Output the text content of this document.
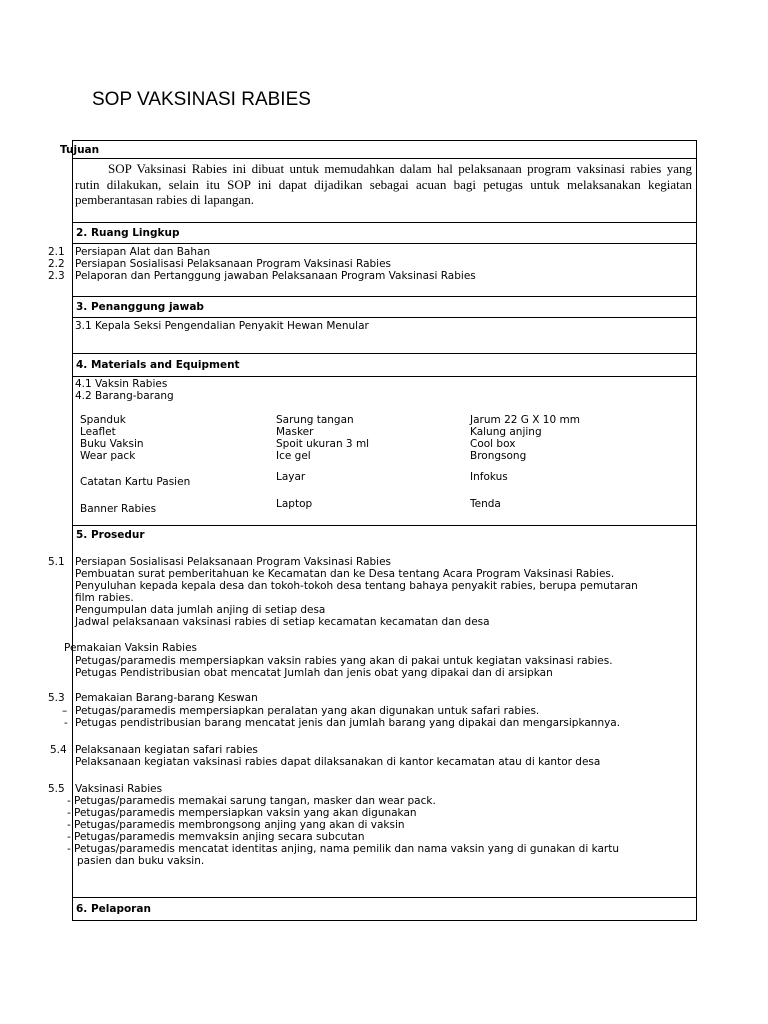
SOP VAKSINASI RABIES
Tujuan
SOP Vaksinasi Rabies ini dibuat untuk memudahkan dalam hal pelaksanaan program vaksinasi rabies yang rutin dilakukan, selain itu SOP ini dapat dijadikan sebagai acuan bagi petugas untuk melaksanakan kegiatan pemberantasan rabies di lapangan.
2. Ruang Lingkup
2.1 Persiapan Alat dan Bahan
2.2 Persiapan Sosialisasi Pelaksanaan Program Vaksinasi Rabies
2.3 Pelaporan dan Pertanggung jawaban Pelaksanaan Program Vaksinasi Rabies
3. Penanggung jawab
3.1 Kepala Seksi Pengendalian Penyakit Hewan Menular
4. Materials and Equipment
4.1 Vaksin Rabies
4.2 Barang-barang
Spanduk
Leaflet
Buku Vaksin
Wear pack
Catatan Kartu Pasien
Banner Rabies
Sarung tangan
Masker
Spoit ukuran 3 ml
Ice gel
Layar
Laptop
Jarum 22 G X 10 mm
Kalung anjing
Cool box
Brongsong
Infokus
Tenda
5. Prosedur
5.1 Persiapan Sosialisasi Pelaksanaan Program Vaksinasi Rabies
Pembuatan surat pemberitahuan ke Kecamatan dan ke Desa tentang Acara Program Vaksinasi Rabies.
Penyuluhan kepada kepala desa dan tokoh-tokoh desa tentang bahaya penyakit rabies, berupa pemutaran
film rabies.
Pengumpulan data jumlah anjing di setiap desa
Jadwal pelaksanaan vaksinasi rabies di setiap kecamatan kecamatan dan desa
Pemakaian Vaksin Rabies
Petugas/paramedis mempersiapkan vaksin rabies yang akan di pakai untuk kegiatan vaksinasi rabies.
Petugas Pendistribusian obat mencatat Jumlah dan jenis obat yang dipakai dan di arsipkan
5.3 Pemakaian Barang-barang Keswan
– Petugas/paramedis mempersiapkan peralatan yang akan digunakan untuk safari rabies.
- Petugas pendistribusian barang mencatat jenis dan jumlah barang yang dipakai dan mengarsipkannya.
5.4 Pelaksanaan kegiatan safari rabies
Pelaksanaan kegiatan vaksinasi rabies dapat dilaksanakan di kantor kecamatan atau di kantor desa
5.5 Vaksinasi Rabies
- Petugas/paramedis memakai sarung tangan, masker dan wear pack.
- Petugas/paramedis mempersiapkan vaksin yang akan digunakan
- Petugas/paramedis membrongsong anjing yang akan di vaksin
- Petugas/paramedis memvaksin anjing secara subcutan
- Petugas/paramedis mencatat identitas anjing, nama pemilik dan nama vaksin yang di gunakan di kartu
pasien dan buku vaksin.
6. Pelaporan
